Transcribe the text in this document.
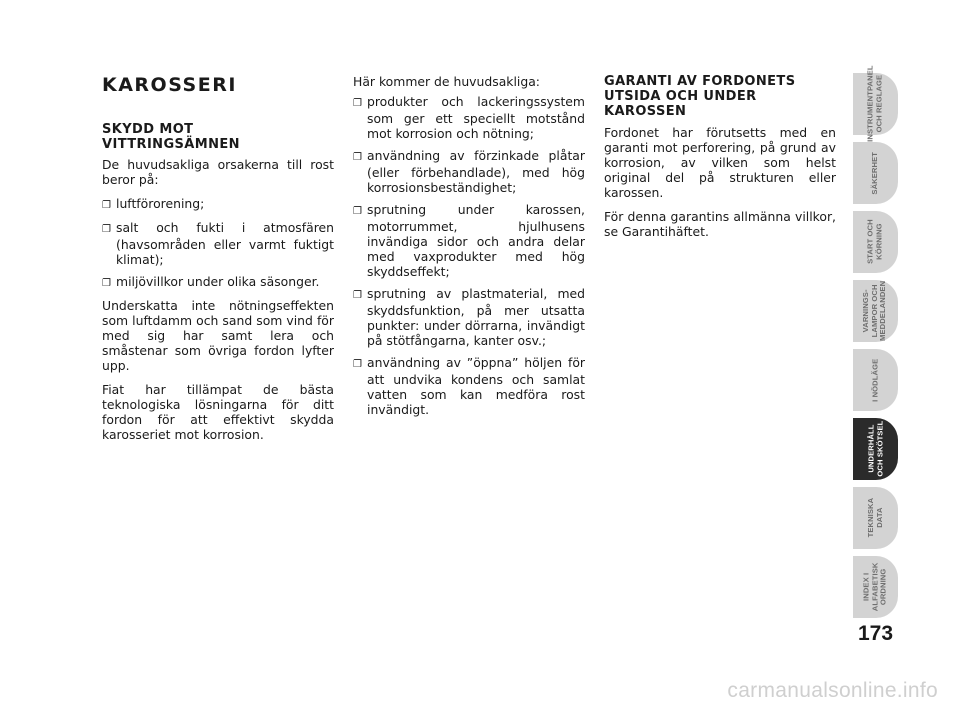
KAROSSERI
SKYDD MOT VITTRINGSÄMNEN

De huvudsakliga orsakerna till rost beror på:

❐ luftförorening;
❐ salt och fukti i atmosfären (havsområden eller varmt fuktigt klimat);
❐ miljövillkor under olika säsonger.

Underskatta inte nötningseffekten som luftdamm och sand som vind för med sig har samt lera och småstenar som övriga fordon lyfter upp.

Fiat har tillämpat de bästa teknologiska lösningarna för ditt fordon för att effektivt skydda karosseriet mot korrosion.

Här kommer de huvudsakliga:

❐ produkter och lackeringssystem som ger ett speciellt motstånd mot korrosion och nötning;
❐ användning av förzinkade plåtar (eller förbehandlade), med hög korrosionsbeständighet;
❐ sprutning under karossen, motorrummet, hjulhusens invändiga sidor och andra delar med vaxprodukter med hög skyddseffekt;
❐ sprutning av plastmaterial, med skyddsfunktion, på mer utsatta punkter: under dörrarna, invändigt på stötfångarna, kanter osv.;
❐ användning av ”öppna” höljen för att undvika kondens och samlat vatten som kan medföra rost invändigt.
GARANTI AV FORDONETS UTSIDA OCH UNDER KAROSSEN

Fordonet har förutsetts med en garanti mot perforering, på grund av korrosion, av vilken som helst original del på strukturen eller karossen.

För denna garantins allmänna villkor, se Garantihäftet.

INSTRUMENTPANEL
OCH REGLAGE
SÄKERHET
START OCH
KÖRNING
VARNINGS-
LAMPOR OCH
MEDDELANDEN
I NÖDLÄGE
UNDERHÅLL
OCH SKÖTSEL
TEKNISKA
DATA
INDEX I
ALFABETISK
ORDNING
173
carmanualsonline.info
